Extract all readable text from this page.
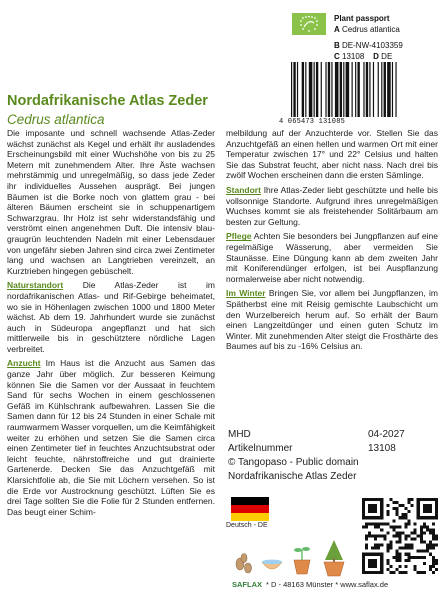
Plant passport
A Cedrus atlantica
B DE-NW-4103359
C 13108 D DE
4 065473 131085
Nordafrikanische Atlas Zeder
Cedrus atlantica

Die imposante und schnell wachsende Atlas-Zeder wächst zunächst als Kegel und erhält ihr ausladendes Erscheinungsbild mit einer Wuchshöhe von bis zu 25 Metern mit zunehmendem Alter. Ihre Äste wachsen mehrstämmig und unregelmäßig, so dass jede Zeder ihr individuelles Aussehen ausprägt. Bei jungen Bäumen ist die Borke noch von glattem grau - bei älteren Bäumen erscheint sie in schuppenartigem Schwarzgrau. Ihr Holz ist sehr widerstandsfähig und verströmt einen angenehmen Duft. Die intensiv blau-graugrün leuchtenden Nadeln mit einer Lebensdauer von ungefähr sieben Jahren sind circa zwei Zentimeter lang und wachsen an Langtrieben vereinzelt, an Kurztrieben hingegen gebüschelt.

Naturstandort Die Atlas-Zeder ist im nordafrikanischen Atlas- und Rif-Gebirge beheimatet, wo sie in Höhenlagen zwischen 1000 und 1800 Meter wächst. Ab dem 19. Jahrhundert wurde sie zunächst auch in Südeuropa angepflanzt und hat sich mittlerweile bis in geschütztere nördliche Lagen verbreitet.

Anzucht Im Haus ist die Anzucht aus Samen das ganze Jahr über möglich. Zur besseren Keimung können Sie die Samen vor der Aussaat in feuchtem Sand für sechs Wochen in einem geschlossenen Gefäß im Kühlschrank aufbewahren. Lassen Sie die Samen dann für 12 bis 24 Stunden in einer Schale mit raumwarmem Wasser vorquellen, um die Keimfähigkeit weiter zu erhöhen und setzen Sie die Samen circa einen Zentimeter tief in feuchtes Anzuchtsubstrat oder leicht feuchte, nährstoffreiche und gut drainierte Gartenerde. Decken Sie das Anzuchtgefäß mit Klarsichtfolie ab, die Sie mit Löchern versehen. So ist die Erde vor Austrocknung geschützt. Lüften Sie es drei Tage sollten Sie die Folie für 2 Stunden entfernen. Das beugt einer Schim-

melbildung auf der Anzuchterde vor. Stellen Sie das Anzuchtgefäß an einen hellen und warmen Ort mit einer Temperatur zwischen 17° und 22° Celsius und halten Sie das Substrat feucht, aber nicht nass. Nach drei bis zwölf Wochen erscheinen dann die ersten Sämlinge.

Standort Ihre Atlas-Zeder liebt geschützte und helle bis vollsonnige Standorte. Aufgrund ihres unregelmäßigen Wuchses kommt sie als freistehender Solitärbaum am besten zur Geltung.

Pflege Achten Sie besonders bei Jungpflanzen auf eine regelmäßige Wässerung, aber vermeiden Sie Staunässe. Eine Düngung kann ab dem zweiten Jahr mit Koniferendünger erfolgen, ist bei Auspflanzung normalerweise aber nicht notwendig.

Im Winter Bringen Sie, vor allem bei Jungpflanzen, im Spätherbst eine mit Reisig gemischte Laubschicht um den Wurzelbereich herum auf. So erhält der Baum einen Langzeitdünger und einen guten Schutz im Winter. Mit zunehmenden Alter steigt die Frosthärte des Baumes auf bis zu -16% Celsius an.

MHD	04-2027
Artikelnummer	13108
© Tangopaso - Public domain
Nordafrikanische Atlas Zeder
Deutsch - DE
SAFLAX * D - 48163 Münster * www.saflax.de
